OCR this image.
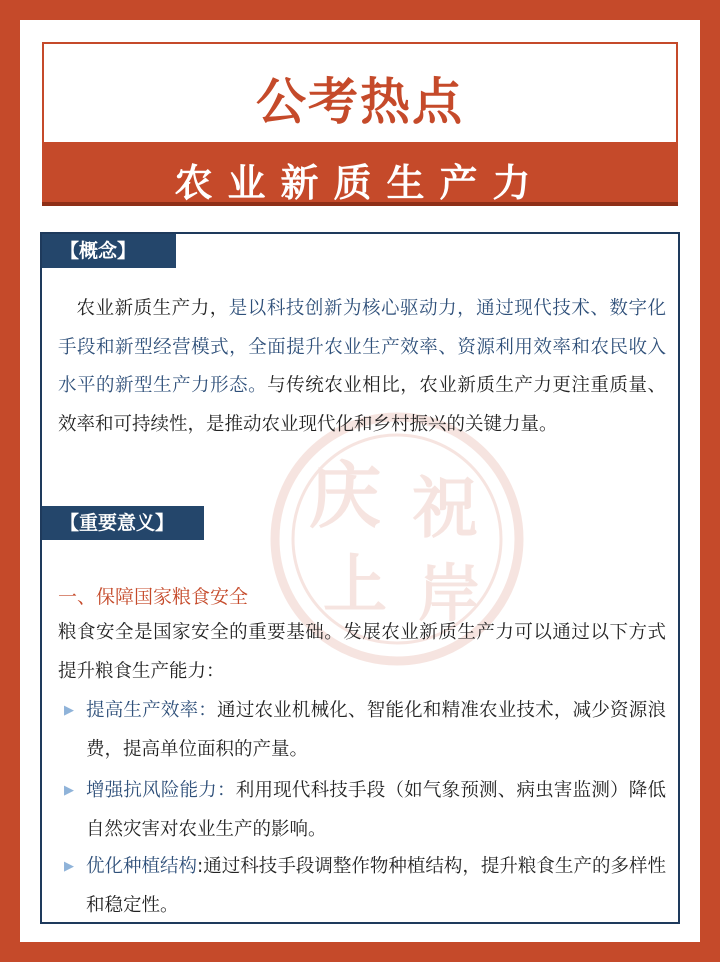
公考热点
农业新质生产力
庆 祝
上 岸
【概念】
农业新质生产力，是以科技创新为核心驱动力，通过现代技术、数字化手段和新型经营模式，全面提升农业生产效率、资源利用效率和农民收入水平的新型生产力形态。与传统农业相比，农业新质生产力更注重质量、效率和可持续性，是推动农业现代化和乡村振兴的关键力量。
【重要意义】
一、保障国家粮食安全
粮食安全是国家安全的重要基础。发展农业新质生产力可以通过以下方式提升粮食生产能力：
▶ 提高生产效率：通过农业机械化、智能化和精准农业技术，减少资源浪费，提高单位面积的产量。
▶ 增强抗风险能力：利用现代科技手段（如气象预测、病虫害监测）降低自然灾害对农业生产的影响。
▶ 优化种植结构:通过科技手段调整作物种植结构，提升粮食生产的多样性和稳定性。
